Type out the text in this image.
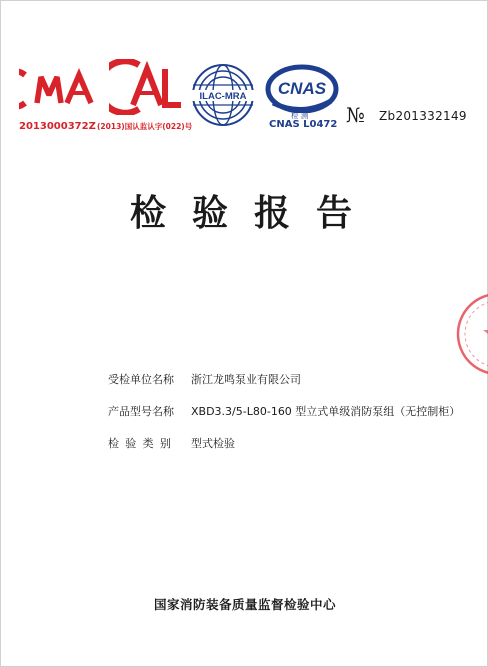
2013000372Z (2013)国认监认字(022)号
ILAC-MRA CNAS
检 测
CNAS L0472 № Zb201332149
检验报告
受检单位名称 浙江龙鸣泵业有限公司
产品型号名称 XBD3.3/5-L80-160 型立式单级消防泵组（无控制柜）
检验类别 型式检验
国家消防装备质量监督检验中心
